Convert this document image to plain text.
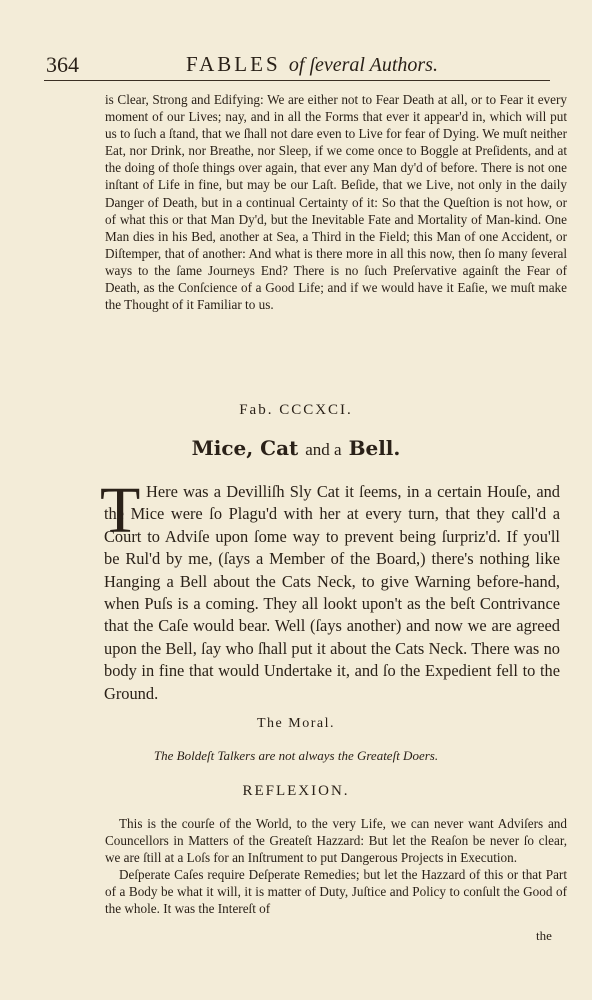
364	FABLES of ſeveral Authors.

is Clear, Strong and Edifying: We are either not to Fear Death at all, or to Fear it every moment of our Lives; nay, and in all the Forms that ever it appear'd in, which will put us to ſuch a ſtand, that we ſhall not dare even to Live for fear of Dying. We muſt neither Eat, nor Drink, nor Breathe, nor Sleep, if we come once to Boggle at Preſidents, and at the doing of thoſe things over again, that ever any Man dy'd of before. There is not one inſtant of Life in fine, but may be our Laſt. Beſide, that we Live, not only in the daily Danger of Death, but in a continual Certainty of it: So that the Queſtion is not how, or of what this or that Man Dy'd, but the Inevitable Fate and Mortality of Man-kind. One Man dies in his Bed, another at Sea, a Third in the Field; this Man of one Accident, or Diſtemper, that of another: And what is there more in all this now, then ſo many ſeveral ways to the ſame Journeys End? There is no ſuch Preſervative againſt the Fear of Death, as the Conſcience of a Good Life; and if we would have it Eaſie, we muſt make the Thought of it Familiar to us.

Fab. CCCXCI.
Mice, Cat and a Bell.
T Here was a Devilliſh Sly Cat it ſeems, in a certain Houſe, and the Mice were ſo Plagu'd with her at every turn, that they call'd a Court to Adviſe upon ſome way to prevent being ſurpriz'd. If you'll be Rul'd by me, (ſays a Member of the Board,) there's nothing like Hanging a Bell about the Cats Neck, to give Warning before-hand, when Puſs is a coming. They all lookt upon't as the beſt Contrivance that the Caſe would bear. Well (ſays another) and now we are agreed upon the Bell, ſay who ſhall put it about the Cats Neck. There was no body in fine that would Undertake it, and ſo the Expedient fell to the Ground.

The Moral.
The Boldeſt Talkers are not always the Greateſt Doers.
REFLEXION.

This is the courſe of the World, to the very Life, we can never want Adviſers and Councellors in Matters of the Greateſt Hazzard: But let the Reaſon be never ſo clear, we are ſtill at a Loſs for an Inſtrument to put Dangerous Projects in Execution.

Deſperate Caſes require Deſperate Remedies; but let the Hazzard of this or that Part of a Body be what it will, it is matter of Duty, Juſtice and Policy to conſult the Good of the whole. It was the Intereſt of

the
